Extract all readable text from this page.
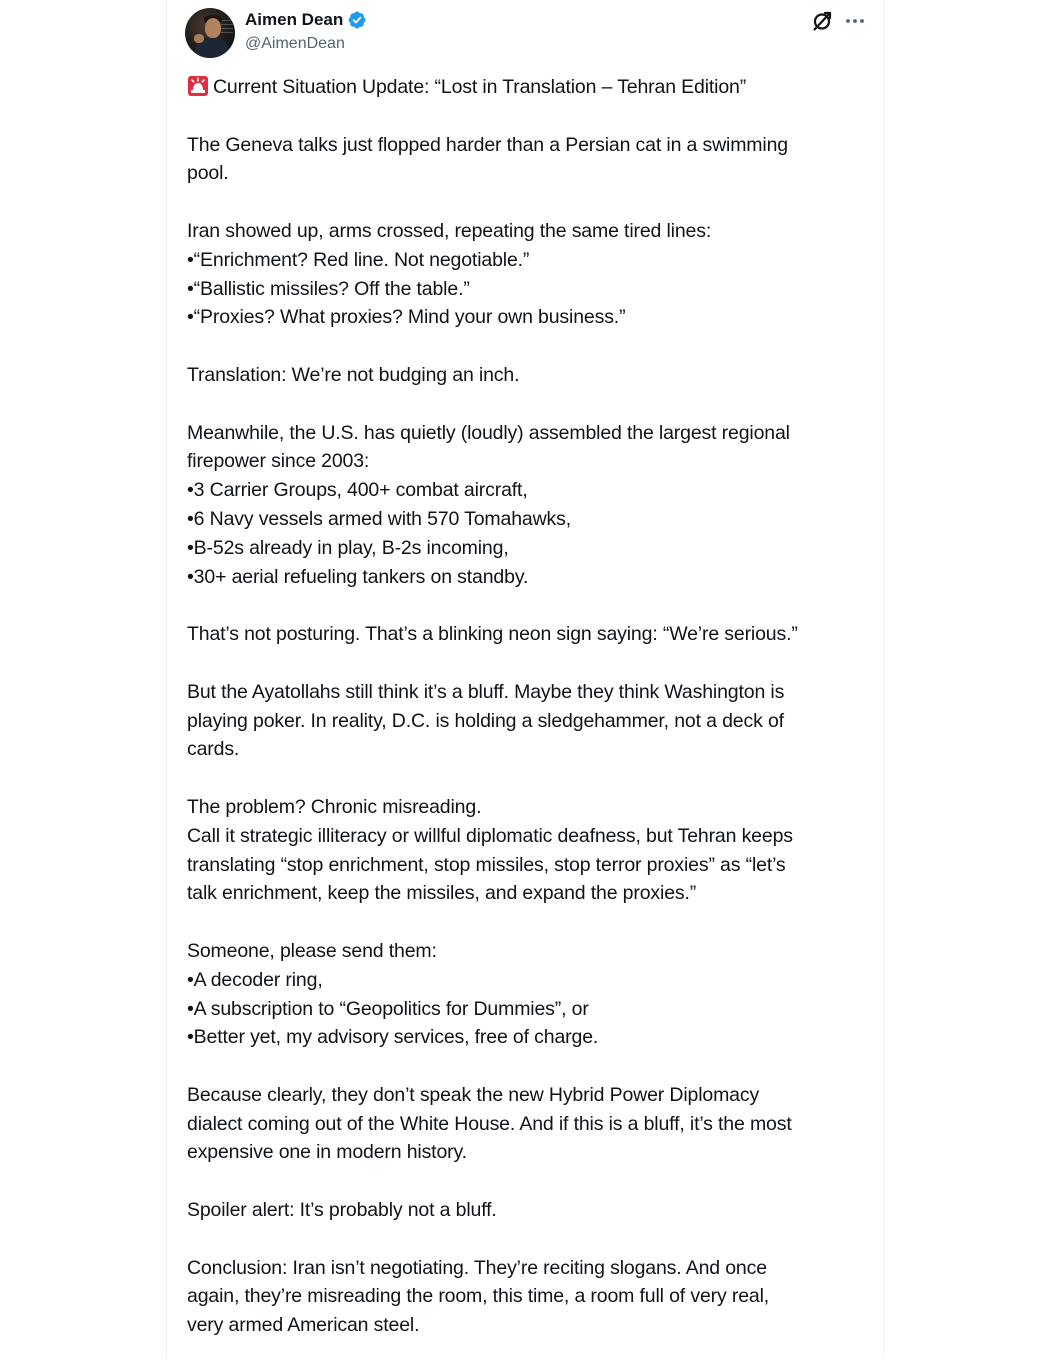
Aimen Dean
@AimenDean
Current Situation Update: “Lost in Translation – Tehran Edition”
The Geneva talks just flopped harder than a Persian cat in a swimming
pool.
Iran showed up, arms crossed, repeating the same tired lines:
•“Enrichment? Red line. Not negotiable.”
•“Ballistic missiles? Off the table.”
•“Proxies? What proxies? Mind your own business.”
Translation: We’re not budging an inch.
Meanwhile, the U.S. has quietly (loudly) assembled the largest regional
firepower since 2003:
•3 Carrier Groups, 400+ combat aircraft,
•6 Navy vessels armed with 570 Tomahawks,
•B-52s already in play, B-2s incoming,
•30+ aerial refueling tankers on standby.
That’s not posturing. That’s a blinking neon sign saying: “We’re serious.”
But the Ayatollahs still think it’s a bluff. Maybe they think Washington is
playing poker. In reality, D.C. is holding a sledgehammer, not a deck of
cards.
The problem? Chronic misreading.
Call it strategic illiteracy or willful diplomatic deafness, but Tehran keeps
translating “stop enrichment, stop missiles, stop terror proxies” as “let’s
talk enrichment, keep the missiles, and expand the proxies.”
Someone, please send them:
•A decoder ring,
•A subscription to “Geopolitics for Dummies”, or
•Better yet, my advisory services, free of charge.
Because clearly, they don’t speak the new Hybrid Power Diplomacy
dialect coming out of the White House. And if this is a bluff, it’s the most
expensive one in modern history.
Spoiler alert: It’s probably not a bluff.
Conclusion: Iran isn’t negotiating. They’re reciting slogans. And once
again, they’re misreading the room, this time, a room full of very real,
very armed American steel.
